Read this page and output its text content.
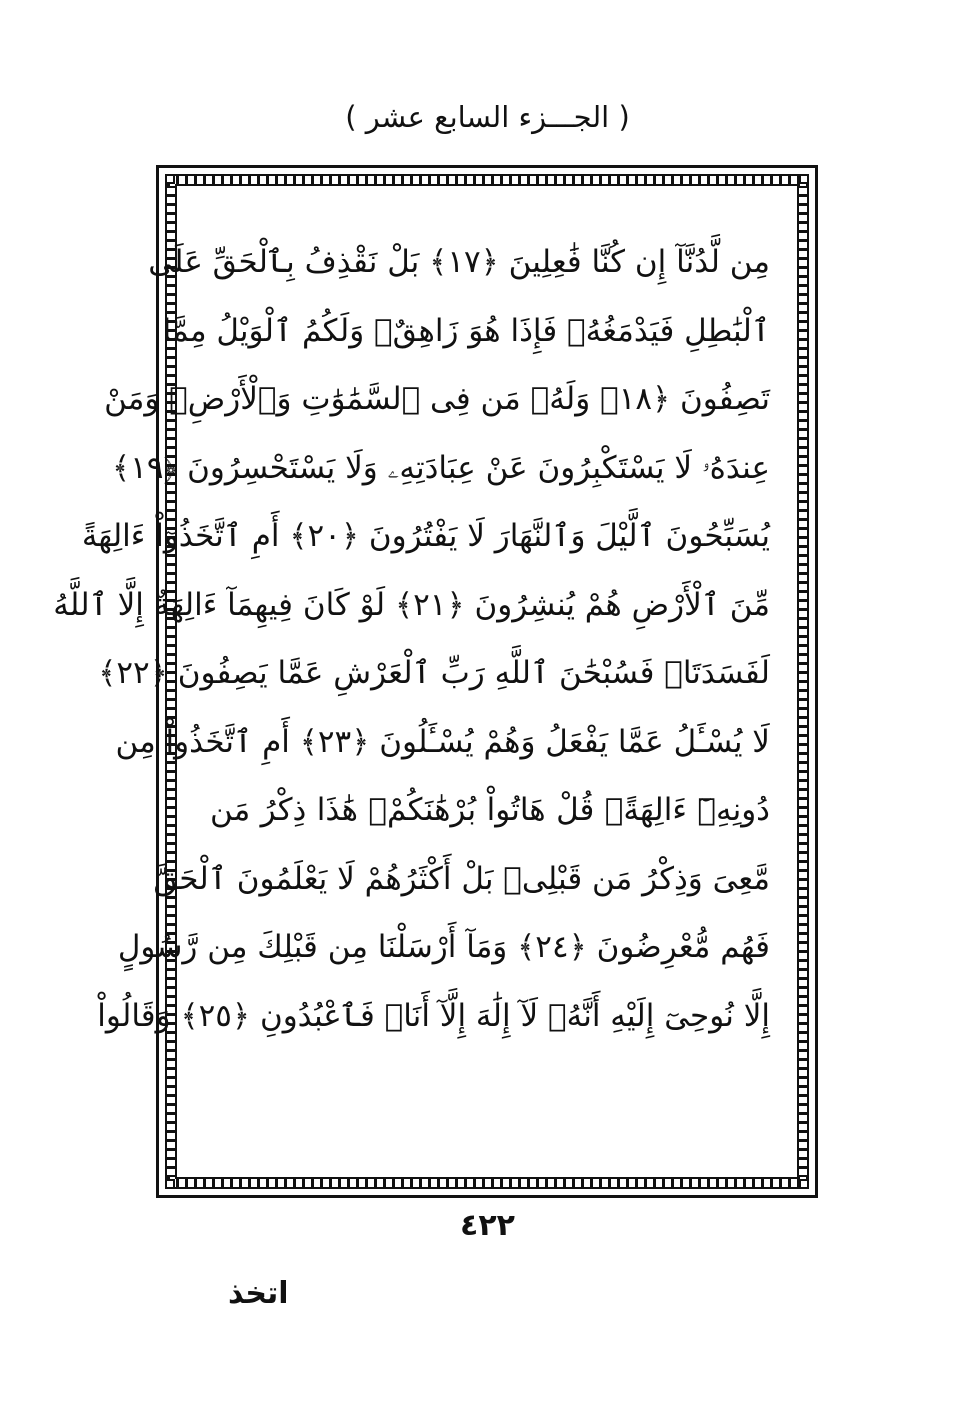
( الجـــزء السابع عشر )
مِن لَّدُنَّآ إِن كُنَّا فَٰعِلِينَ ﴿١٧﴾ بَلْ نَقْذِفُ بِٱلْحَقِّ عَلَى
ٱلْبَٰطِلِ فَيَدْمَغُهُۥ فَإِذَا هُوَ زَاهِقٌۚ وَلَكُمُ ٱلْوَيْلُ مِمَّا
تَصِفُونَ ﴿١٨﴾ وَلَهُۥ مَن فِى ٱلسَّمَٰوَٰتِ وَٱلْأَرْضِۚ وَمَنْ
عِندَهُۥ لَا يَسْتَكْبِرُونَ عَنْ عِبَادَتِهِۦ وَلَا يَسْتَحْسِرُونَ ﴿١٩﴾
يُسَبِّحُونَ ٱلَّيْلَ وَٱلنَّهَارَ لَا يَفْتُرُونَ ﴿٢٠﴾ أَمِ ٱتَّخَذُوٓاْ ءَالِهَةً
مِّنَ ٱلْأَرْضِ هُمْ يُنشِرُونَ ﴿٢١﴾ لَوْ كَانَ فِيهِمَآ ءَالِهَةٌ إِلَّا ٱللَّهُ
لَفَسَدَتَاۚ فَسُبْحَٰنَ ٱللَّهِ رَبِّ ٱلْعَرْشِ عَمَّا يَصِفُونَ ﴿٢٢﴾
لَا يُسْـَٔلُ عَمَّا يَفْعَلُ وَهُمْ يُسْـَٔلُونَ ﴿٢٣﴾ أَمِ ٱتَّخَذُواْ مِن
دُونِهِۦٓ ءَالِهَةًۖ قُلْ هَاتُواْ بُرْهَٰنَكُمْۖ هَٰذَا ذِكْرُ مَن
مَّعِىَ وَذِكْرُ مَن قَبْلِىۗ بَلْ أَكْثَرُهُمْ لَا يَعْلَمُونَ ٱلْحَقَّ
فَهُم مُّعْرِضُونَ ﴿٢٤﴾ وَمَآ أَرْسَلْنَا مِن قَبْلِكَ مِن رَّسُولٍ
إِلَّا نُوحِىٓ إِلَيْهِ أَنَّهُۥ لَآ إِلَٰهَ إِلَّآ أَنَا۠ فَٱعْبُدُونِ ﴿٢٥﴾ وَقَالُواْ
٤٢٢
اتخذ
